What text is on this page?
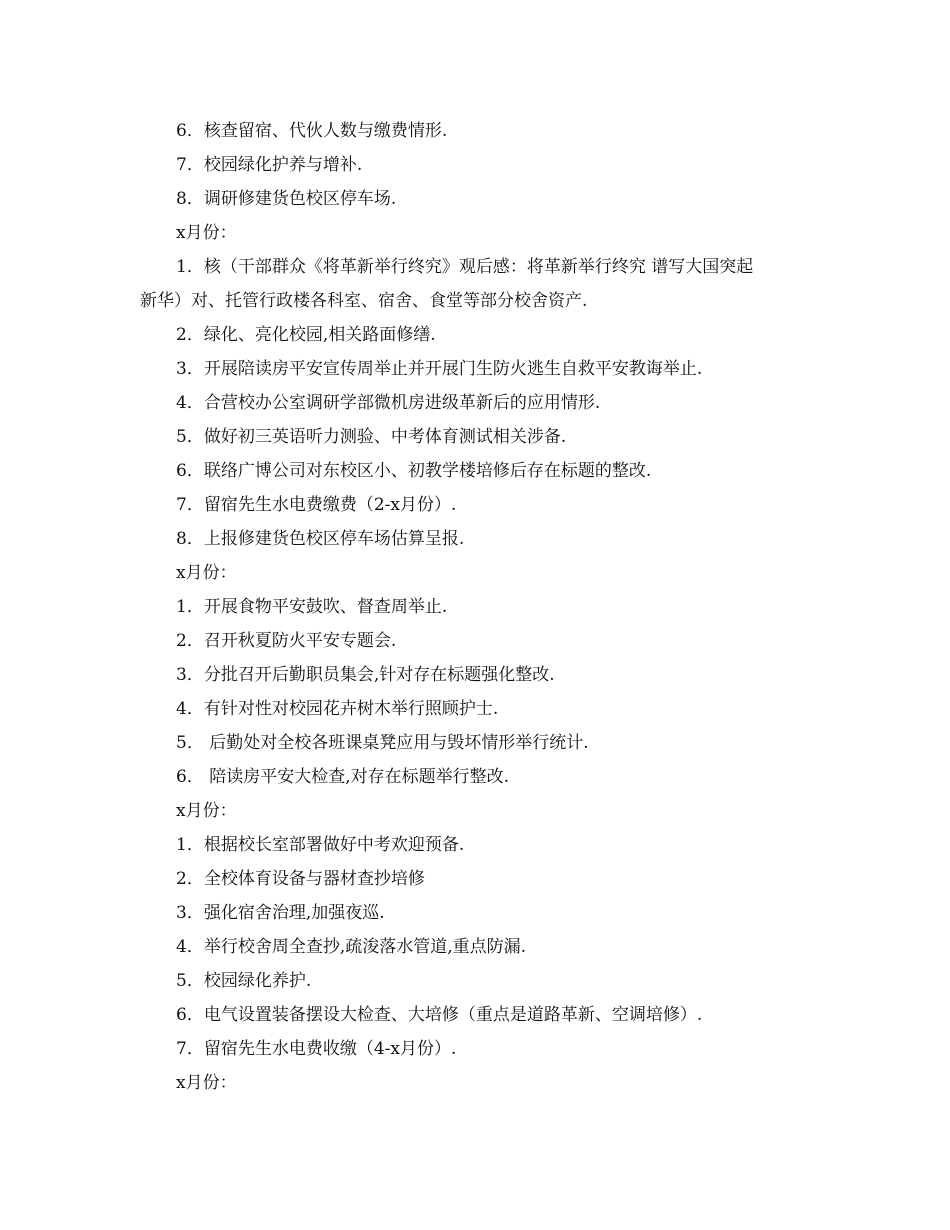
6．核查留宿、代伙人数与缴费情形.
7．校园绿化护养与增补.
8．调研修建货色校区停车场.
x月份：
1．核（干部群众《将革新举行终究》观后感：将革新举行终究 谱写大国突起
新华）对、托管行政楼各科室、宿舍、食堂等部分校舍资产.
2．绿化、亮化校园,相关路面修缮.
3．开展陪读房平安宣传周举止并开展门生防火逃生自救平安教诲举止.
4．合营校办公室调研学部微机房进级革新后的应用情形.
5．做好初三英语听力测验、中考体育测试相关涉备.
6．联络广博公司对东校区小、初教学楼培修后存在标题的整改.
7．留宿先生水电费缴费（2-x月份）.
8．上报修建货色校区停车场估算呈报.
x月份：
1．开展食物平安鼓吹、督查周举止.
2．召开秋夏防火平安专题会.
3．分批召开后勤职员集会,针对存在标题强化整改.
4．有针对性对校园花卉树木举行照顾护士.
5． 后勤处对全校各班课桌凳应用与毁坏情形举行统计.
6． 陪读房平安大检查,对存在标题举行整改.
x月份：
1．根据校长室部署做好中考欢迎预备.
2．全校体育设备与器材查抄培修
3．强化宿舍治理,加强夜巡.
4．举行校舍周全查抄,疏浚落水管道,重点防漏.
5．校园绿化养护.
6．电气设置装备摆设大检查、大培修（重点是道路革新、空调培修）.
7．留宿先生水电费收缴（4-x月份）.
x月份：
